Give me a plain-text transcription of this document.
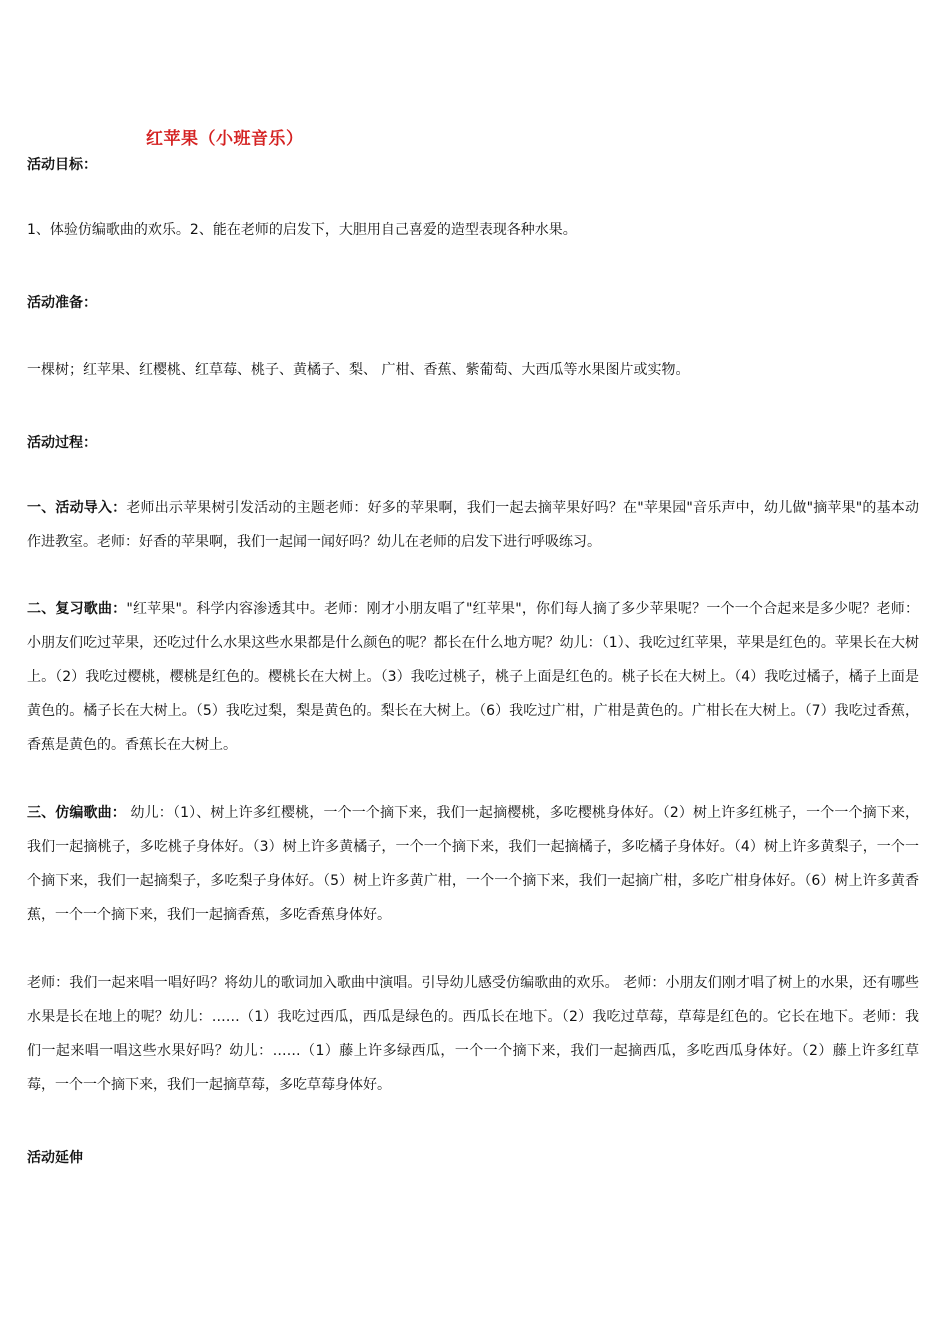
红苹果（小班音乐）
活动目标：
1、体验仿编歌曲的欢乐。2、能在老师的启发下，大胆用自己喜爱的造型表现各种水果。
活动准备：
一棵树；红苹果、红樱桃、红草莓、桃子、黄橘子、梨、 广柑、香蕉、紫葡萄、大西瓜等水果图片或实物。
活动过程：
一、活动导入：老师出示苹果树引发活动的主题老师：好多的苹果啊，我们一起去摘苹果好吗？在"苹果园"音乐声中，幼儿做"摘苹果"的基本动作进教室。老师：好香的苹果啊，我们一起闻一闻好吗？幼儿在老师的启发下进行呼吸练习。
二、复习歌曲："红苹果"。科学内容渗透其中。老师：刚才小朋友唱了"红苹果"，你们每人摘了多少苹果呢？一个一个合起来是多少呢？老师：小朋友们吃过苹果，还吃过什么水果这些水果都是什么颜色的呢？都长在什么地方呢？幼儿：（1）、我吃过红苹果，苹果是红色的。苹果长在大树上。（2）我吃过樱桃，樱桃是红色的。樱桃长在大树上。（3）我吃过桃子，桃子上面是红色的。桃子长在大树上。（4）我吃过橘子，橘子上面是黄色的。橘子长在大树上。（5）我吃过梨，梨是黄色的。梨长在大树上。（6）我吃过广柑，广柑是黄色的。广柑长在大树上。（7）我吃过香蕉，香蕉是黄色的。香蕉长在大树上。
三、仿编歌曲： 幼儿：（1）、树上许多红樱桃，一个一个摘下来，我们一起摘樱桃，多吃樱桃身体好。（2）树上许多红桃子，一个一个摘下来，我们一起摘桃子，多吃桃子身体好。（3）树上许多黄橘子，一个一个摘下来，我们一起摘橘子，多吃橘子身体好。（4）树上许多黄梨子，一个一个摘下来，我们一起摘梨子，多吃梨子身体好。（5）树上许多黄广柑，一个一个摘下来，我们一起摘广柑，多吃广柑身体好。（6）树上许多黄香蕉，一个一个摘下来，我们一起摘香蕉，多吃香蕉身体好。
老师：我们一起来唱一唱好吗？将幼儿的歌词加入歌曲中演唱。引导幼儿感受仿编歌曲的欢乐。 老师：小朋友们刚才唱了树上的水果，还有哪些水果是长在地上的呢？幼儿：……（1）我吃过西瓜，西瓜是绿色的。西瓜长在地下。（2）我吃过草莓，草莓是红色的。它长在地下。老师：我们一起来唱一唱这些水果好吗？幼儿：……（1）藤上许多绿西瓜，一个一个摘下来，我们一起摘西瓜，多吃西瓜身体好。（2）藤上许多红草莓，一个一个摘下来，我们一起摘草莓，多吃草莓身体好。
活动延伸
